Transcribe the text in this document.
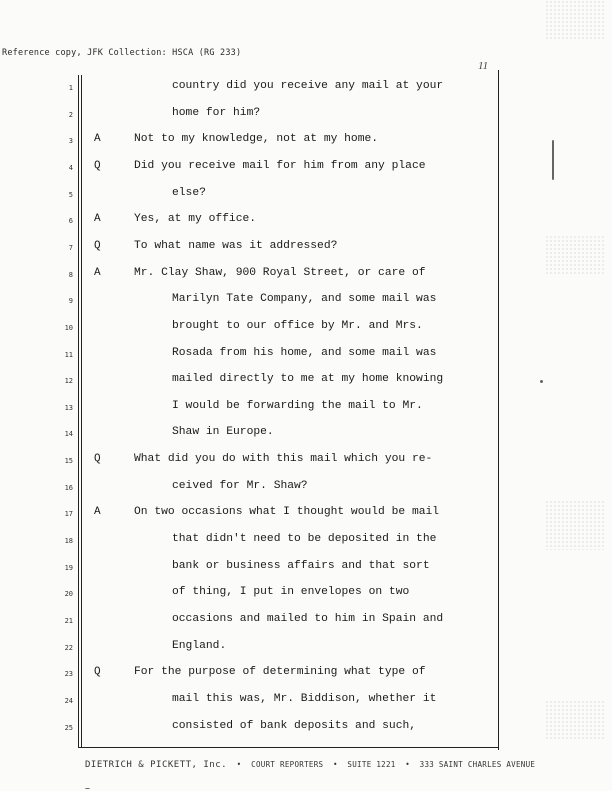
Reference copy, JFK Collection: HSCA (RG 233)
11
1	country did you receive any mail at your
2	home for him?
3 A	Not to my knowledge, not at my home.
4 Q	Did you receive mail for him from any place
5	else?
6 A	Yes, at my office.
7 Q	To what name was it addressed?
8 A	Mr. Clay Shaw, 900 Royal Street, or care of
9	Marilyn Tate Company, and some mail was
10	brought to our office by Mr. and Mrs.
11	Rosada from his home, and some mail was
12	mailed directly to me at my home knowing
13	I would be forwarding the mail to Mr.
14	Shaw in Europe.
15 Q	What did you do with this mail which you re-
16	ceived for Mr. Shaw?
17 A	On two occasions what I thought would be mail
18	that didn't need to be deposited in the
19	bank or business affairs and that sort
20	of thing, I put in envelopes on two
21	occasions and mailed to him in Spain and
22	England.
23 Q	For the purpose of determining what type of
24	mail this was, Mr. Biddison, whether it
25	consisted of bank deposits and such,
DIETRICH & PICKETT, Inc.  •  COURT REPORTERS  •  SUITE 1221  •  333 SAINT CHARLES AVENUE
